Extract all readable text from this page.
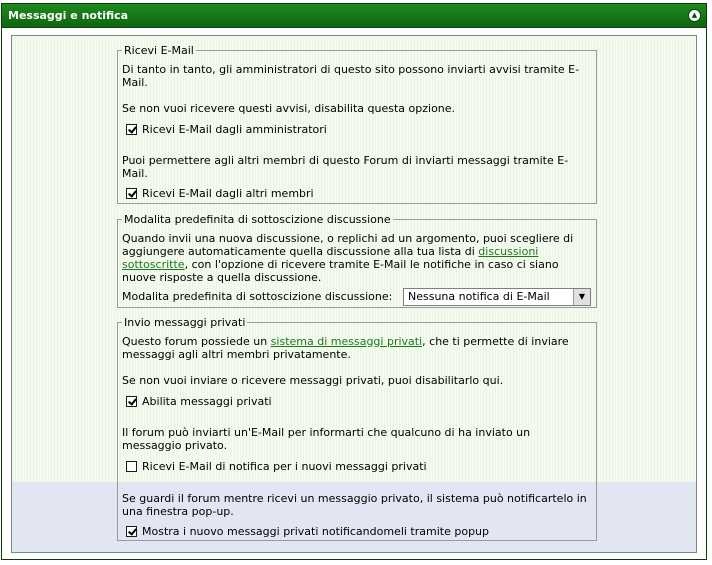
Messaggi e notifica	▲
Ricevi E-Mail

Di tanto in tanto, gli amministratori di questo sito possono inviarti avvisi tramite E-Mail.

Se non vuoi ricevere questi avvisi, disabilita questa opzione.

Ricevi E-Mail dagli amministratori

Puoi permettere agli altri membri di questo Forum di inviarti messaggi tramite E-Mail.

Ricevi E-Mail dagli altri membri
Modalita predefinita di sottoscizione discussione

Quando invii una nuova discussione, o replichi ad un argomento, puoi scegliere di aggiungere automaticamente quella discussione alla tua lista di discussioni sottoscritte, con l'opzione di ricevere tramite E-Mail le notifiche in caso ci siano nuove risposte a quella discussione.

Modalita predefinita di sottoscizione discussione:	Nessuna notifica di E-Mail	▼
Invio messaggi privati

Questo forum possiede un sistema di messaggi privati, che ti permette di inviare messaggi agli altri membri privatamente.

Se non vuoi inviare o ricevere messaggi privati, puoi disabilitarlo qui.

Abilita messaggi privati

Il forum può inviarti un'E-Mail per informarti che qualcuno di ha inviato un messaggio privato.

Ricevi E-Mail di notifica per i nuovi messaggi privati

Se guardi il forum mentre ricevi un messaggio privato, il sistema può notificartelo in una finestra pop-up.

Mostra i nuovo messaggi privati notificandomeli tramite popup
